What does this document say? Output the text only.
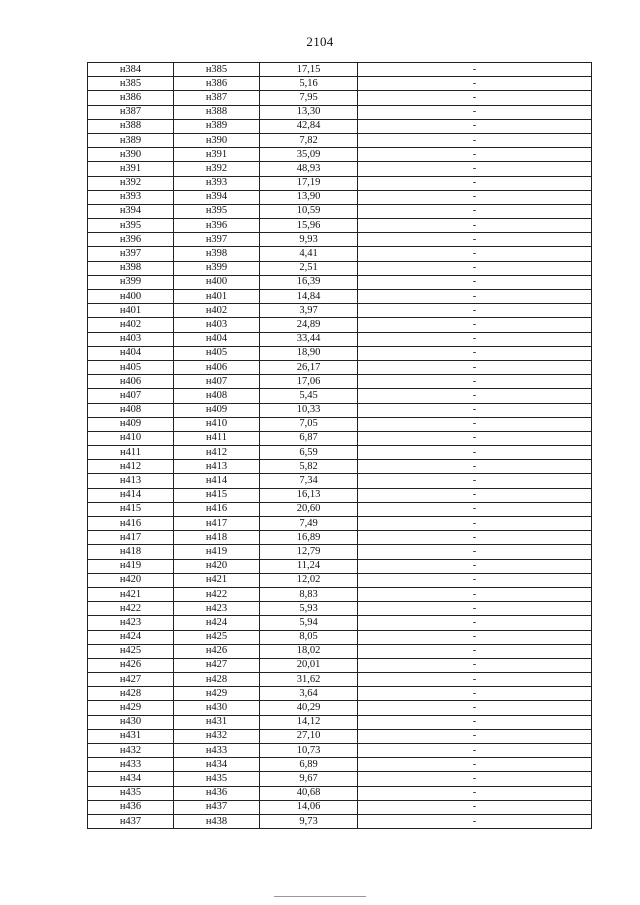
2104
н384	н385	17,15	-
н385	н386	5,16	-
н386	н387	7,95	-
н387	н388	13,30	-
н388	н389	42,84	-
н389	н390	7,82	-
н390	н391	35,09	-
н391	н392	48,93	-
н392	н393	17,19	-
н393	н394	13,90	-
н394	н395	10,59	-
н395	н396	15,96	-
н396	н397	9,93	-
н397	н398	4,41	-
н398	н399	2,51	-
н399	н400	16,39	-
н400	н401	14,84	-
н401	н402	3,97	-
н402	н403	24,89	-
н403	н404	33,44	-
н404	н405	18,90	-
н405	н406	26,17	-
н406	н407	17,06	-
н407	н408	5,45	-
н408	н409	10,33	-
н409	н410	7,05	-
н410	н411	6,87	-
н411	н412	6,59	-
н412	н413	5,82	-
н413	н414	7,34	-
н414	н415	16,13	-
н415	н416	20,60	-
н416	н417	7,49	-
н417	н418	16,89	-
н418	н419	12,79	-
н419	н420	11,24	-
н420	н421	12,02	-
н421	н422	8,83	-
н422	н423	5,93	-
н423	н424	5,94	-
н424	н425	8,05	-
н425	н426	18,02	-
н426	н427	20,01	-
н427	н428	31,62	-
н428	н429	3,64	-
н429	н430	40,29	-
н430	н431	14,12	-
н431	н432	27,10	-
н432	н433	10,73	-
н433	н434	6,89	-
н434	н435	9,67	-
н435	н436	40,68	-
н436	н437	14,06	-
н437	н438	9,73	-
